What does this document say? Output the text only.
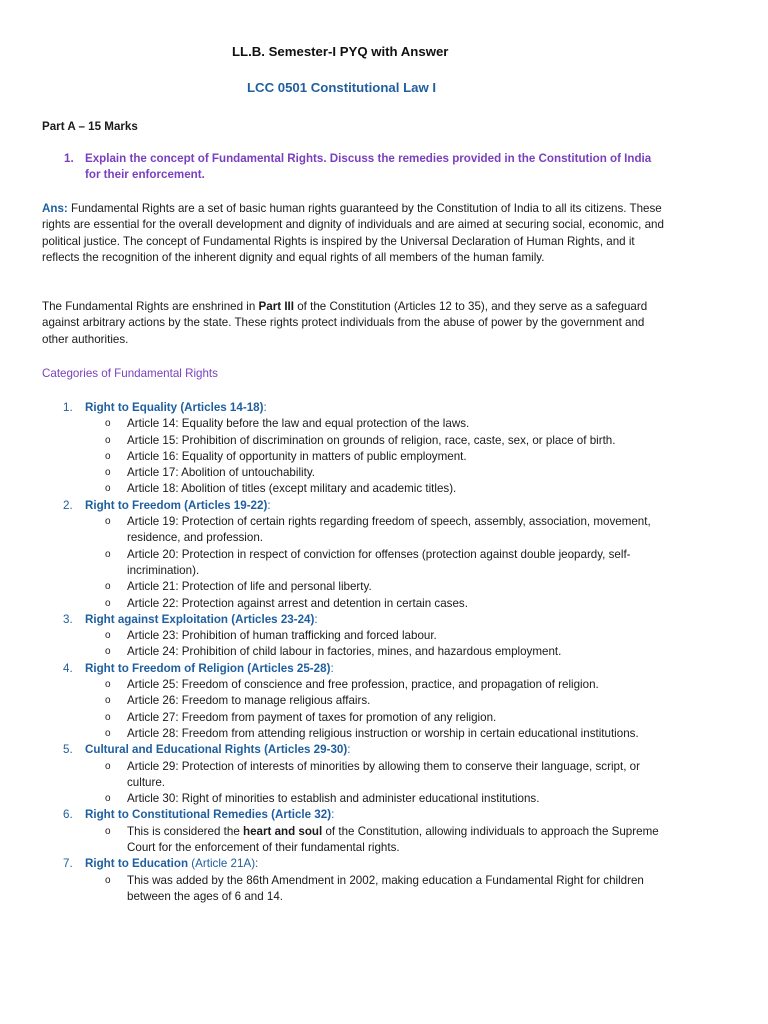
LL.B. Semester-I PYQ with Answer
LCC 0501 Constitutional Law I
Part A – 15 Marks
1. Explain the concept of Fundamental Rights. Discuss the remedies provided in the Constitution of India for their enforcement.
Ans: Fundamental Rights are a set of basic human rights guaranteed by the Constitution of India to all its citizens. These rights are essential for the overall development and dignity of individuals and are aimed at securing social, economic, and political justice. The concept of Fundamental Rights is inspired by the Universal Declaration of Human Rights, and it reflects the recognition of the inherent dignity and equal rights of all members of the human family.
The Fundamental Rights are enshrined in Part III of the Constitution (Articles 12 to 35), and they serve as a safeguard against arbitrary actions by the state. These rights protect individuals from the abuse of power by the government and other authorities.
Categories of Fundamental Rights
1. Right to Equality (Articles 14-18):
o Article 14: Equality before the law and equal protection of the laws.
o Article 15: Prohibition of discrimination on grounds of religion, race, caste, sex, or place of birth.
o Article 16: Equality of opportunity in matters of public employment.
o Article 17: Abolition of untouchability.
o Article 18: Abolition of titles (except military and academic titles).
2. Right to Freedom (Articles 19-22):
o Article 19: Protection of certain rights regarding freedom of speech, assembly, association, movement, residence, and profession.
o Article 20: Protection in respect of conviction for offenses (protection against double jeopardy, self-incrimination).
o Article 21: Protection of life and personal liberty.
o Article 22: Protection against arrest and detention in certain cases.
3. Right against Exploitation (Articles 23-24):
o Article 23: Prohibition of human trafficking and forced labour.
o Article 24: Prohibition of child labour in factories, mines, and hazardous employment.
4. Right to Freedom of Religion (Articles 25-28):
o Article 25: Freedom of conscience and free profession, practice, and propagation of religion.
o Article 26: Freedom to manage religious affairs.
o Article 27: Freedom from payment of taxes for promotion of any religion.
o Article 28: Freedom from attending religious instruction or worship in certain educational institutions.
5. Cultural and Educational Rights (Articles 29-30):
o Article 29: Protection of interests of minorities by allowing them to conserve their language, script, or culture.
o Article 30: Right of minorities to establish and administer educational institutions.
6. Right to Constitutional Remedies (Article 32):
o This is considered the heart and soul of the Constitution, allowing individuals to approach the Supreme Court for the enforcement of their fundamental rights.
7. Right to Education (Article 21A):
o This was added by the 86th Amendment in 2002, making education a Fundamental Right for children between the ages of 6 and 14.
